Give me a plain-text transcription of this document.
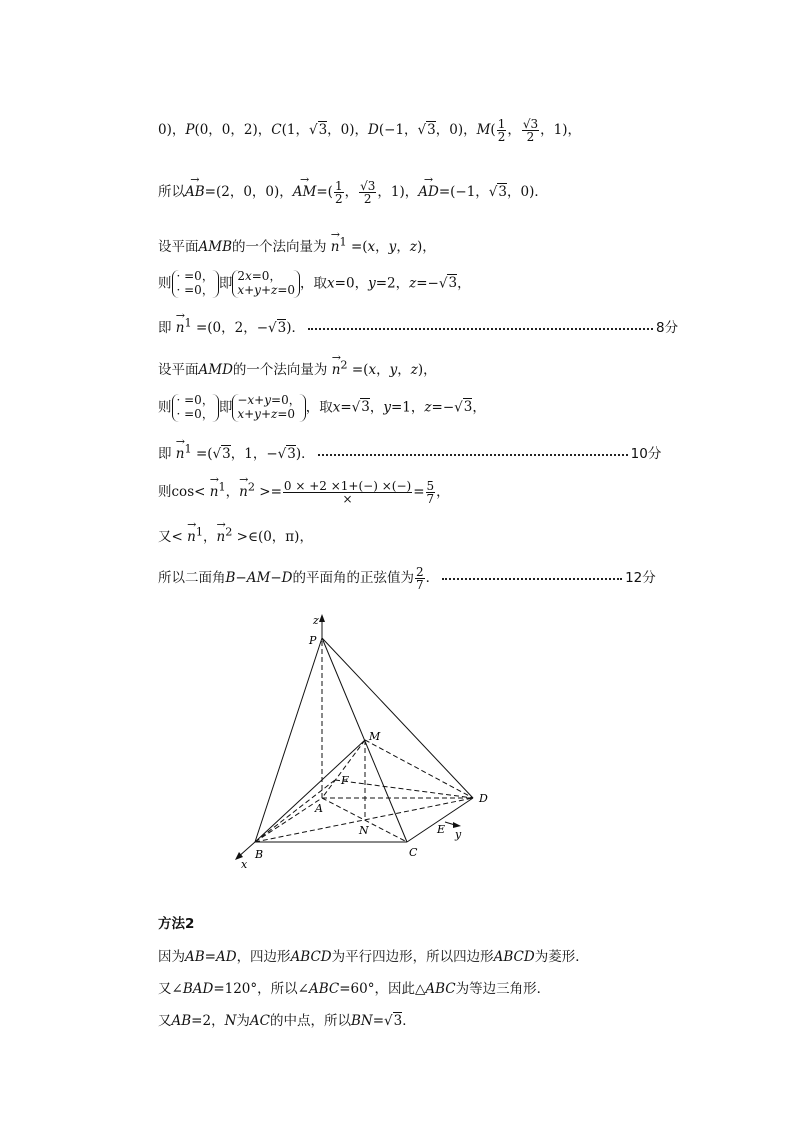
0)，P(0，0，2)，C(1，√3，0)，D(−1，√3，0)，$M( \frac{1}{2}$ ， $\frac{√3}{2}$ ，1)，
所以→ AB=(2，0，0)，→ $AM=( \frac{1}{2}$ ， $\frac{√3}{2}$ ，1)，→ AD=(−1，√3，0)．
设平面AMB的一个法向量为 → $n^1 =(x$，y，z)，
则 · =0，
· =0， 即 2x=0，
x+y+z=0 ，取x=0，y=2，z=−√3，
即 → $n^1 =(0$，2，−√3)．	8分
设平面AMD的一个法向量为 → $n^2 =(x$，y，z)，
则 · =0，
· =0， 即 −x+y=0，
x+y+z=0 ，取x=√3，y=1，z=−√3，
即 → $n^1 =(√3$，1，−√3)．	10分
则$\cos< \to n^1$，→ $n^2 >= \frac{0 \times +2 \times 1+(-) \times(-)}{\times} = \frac{5}{7}$ ，
又< → $n^1$，→ $n^2$ >∈(0，π)，
所以二面角B−AM−D的平面角的正弦值为 $\frac{2}{7}$ ．	12分
z
P
M
F
D
A
N	E y
B	C
x
方法2
因为AB=AD，四边形ABCD为平行四边形，所以四边形ABCD为菱形．
又∠BAD=120°，所以∠ABC=60°，因此△ABC为等边三角形．
又AB=2，N为AC的中点，所以BN=√3．
